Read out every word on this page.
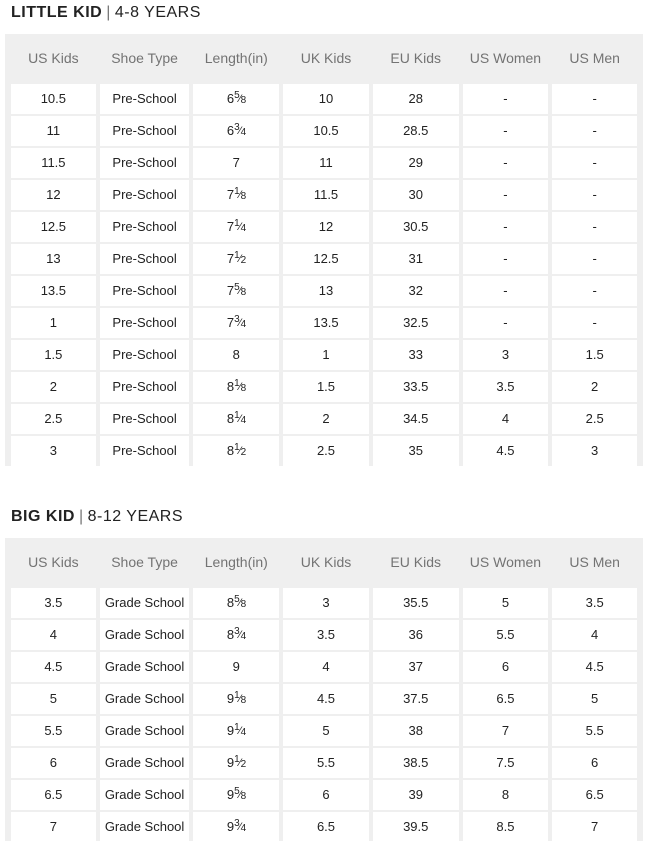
LITTLE KID | 4-8 YEARS
US Kids	Shoe Type	Length(in)	UK Kids	EU Kids	US Women	US Men
10.5	Pre-School	65⁄8	10	28	-	-
11	Pre-School	63⁄4	10.5	28.5	-	-
11.5	Pre-School	7	11	29	-	-
12	Pre-School	71⁄8	11.5	30	-	-
12.5	Pre-School	71⁄4	12	30.5	-	-
13	Pre-School	71⁄2	12.5	31	-	-
13.5	Pre-School	75⁄8	13	32	-	-
1	Pre-School	73⁄4	13.5	32.5	-	-
1.5	Pre-School	8	1	33	3	1.5
2	Pre-School	81⁄8	1.5	33.5	3.5	2
2.5	Pre-School	81⁄4	2	34.5	4	2.5
3	Pre-School	81⁄2	2.5	35	4.5	3
BIG KID | 8-12 YEARS
US Kids	Shoe Type	Length(in)	UK Kids	EU Kids	US Women	US Men
3.5	Grade School	85⁄8	3	35.5	5	3.5
4	Grade School	83⁄4	3.5	36	5.5	4
4.5	Grade School	9	4	37	6	4.5
5	Grade School	91⁄8	4.5	37.5	6.5	5
5.5	Grade School	91⁄4	5	38	7	5.5
6	Grade School	91⁄2	5.5	38.5	7.5	6
6.5	Grade School	95⁄8	6	39	8	6.5
7	Grade School	93⁄4	6.5	39.5	8.5	7
